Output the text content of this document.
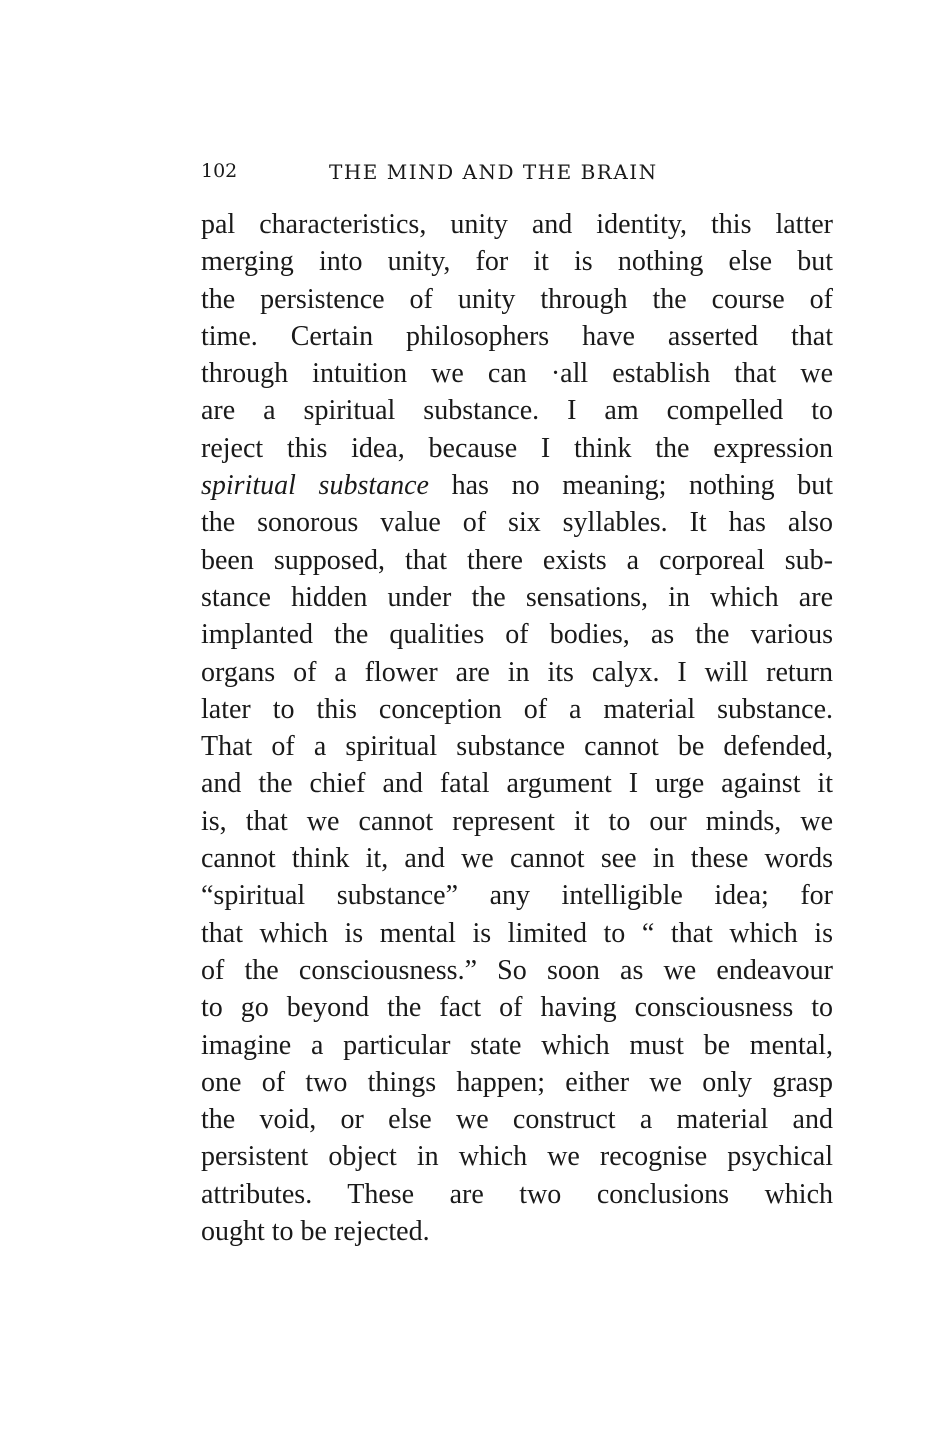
102	THE MIND AND THE BRAIN
pal characteristics, unity and identity, this latter
merging into unity, for it is nothing else but
the persistence of unity through the course of
time. Certain philosophers have asserted that
through intuition we can ·all establish that we
are a spiritual substance. I am compelled to
reject this idea, because I think the expression
spiritual substance has no meaning; nothing but
the sonorous value of six syllables. It has also
been supposed, that there exists a corporeal sub-
stance hidden under the sensations, in which are
implanted the qualities of bodies, as the various
organs of a flower are in its calyx. I will return
later to this conception of a material substance.
That of a spiritual substance cannot be defended,
and the chief and fatal argument I urge against it
is, that we cannot represent it to our minds, we
cannot think it, and we cannot see in these words
“spiritual substance” any intelligible idea; for
that which is mental is limited to “ that which is
of the consciousness.” So soon as we endeavour
to go beyond the fact of having consciousness to
imagine a particular state which must be mental,
one of two things happen; either we only grasp
the void, or else we construct a material and
persistent object in which we recognise psychical
attributes. These are two conclusions which
ought to be rejected.
